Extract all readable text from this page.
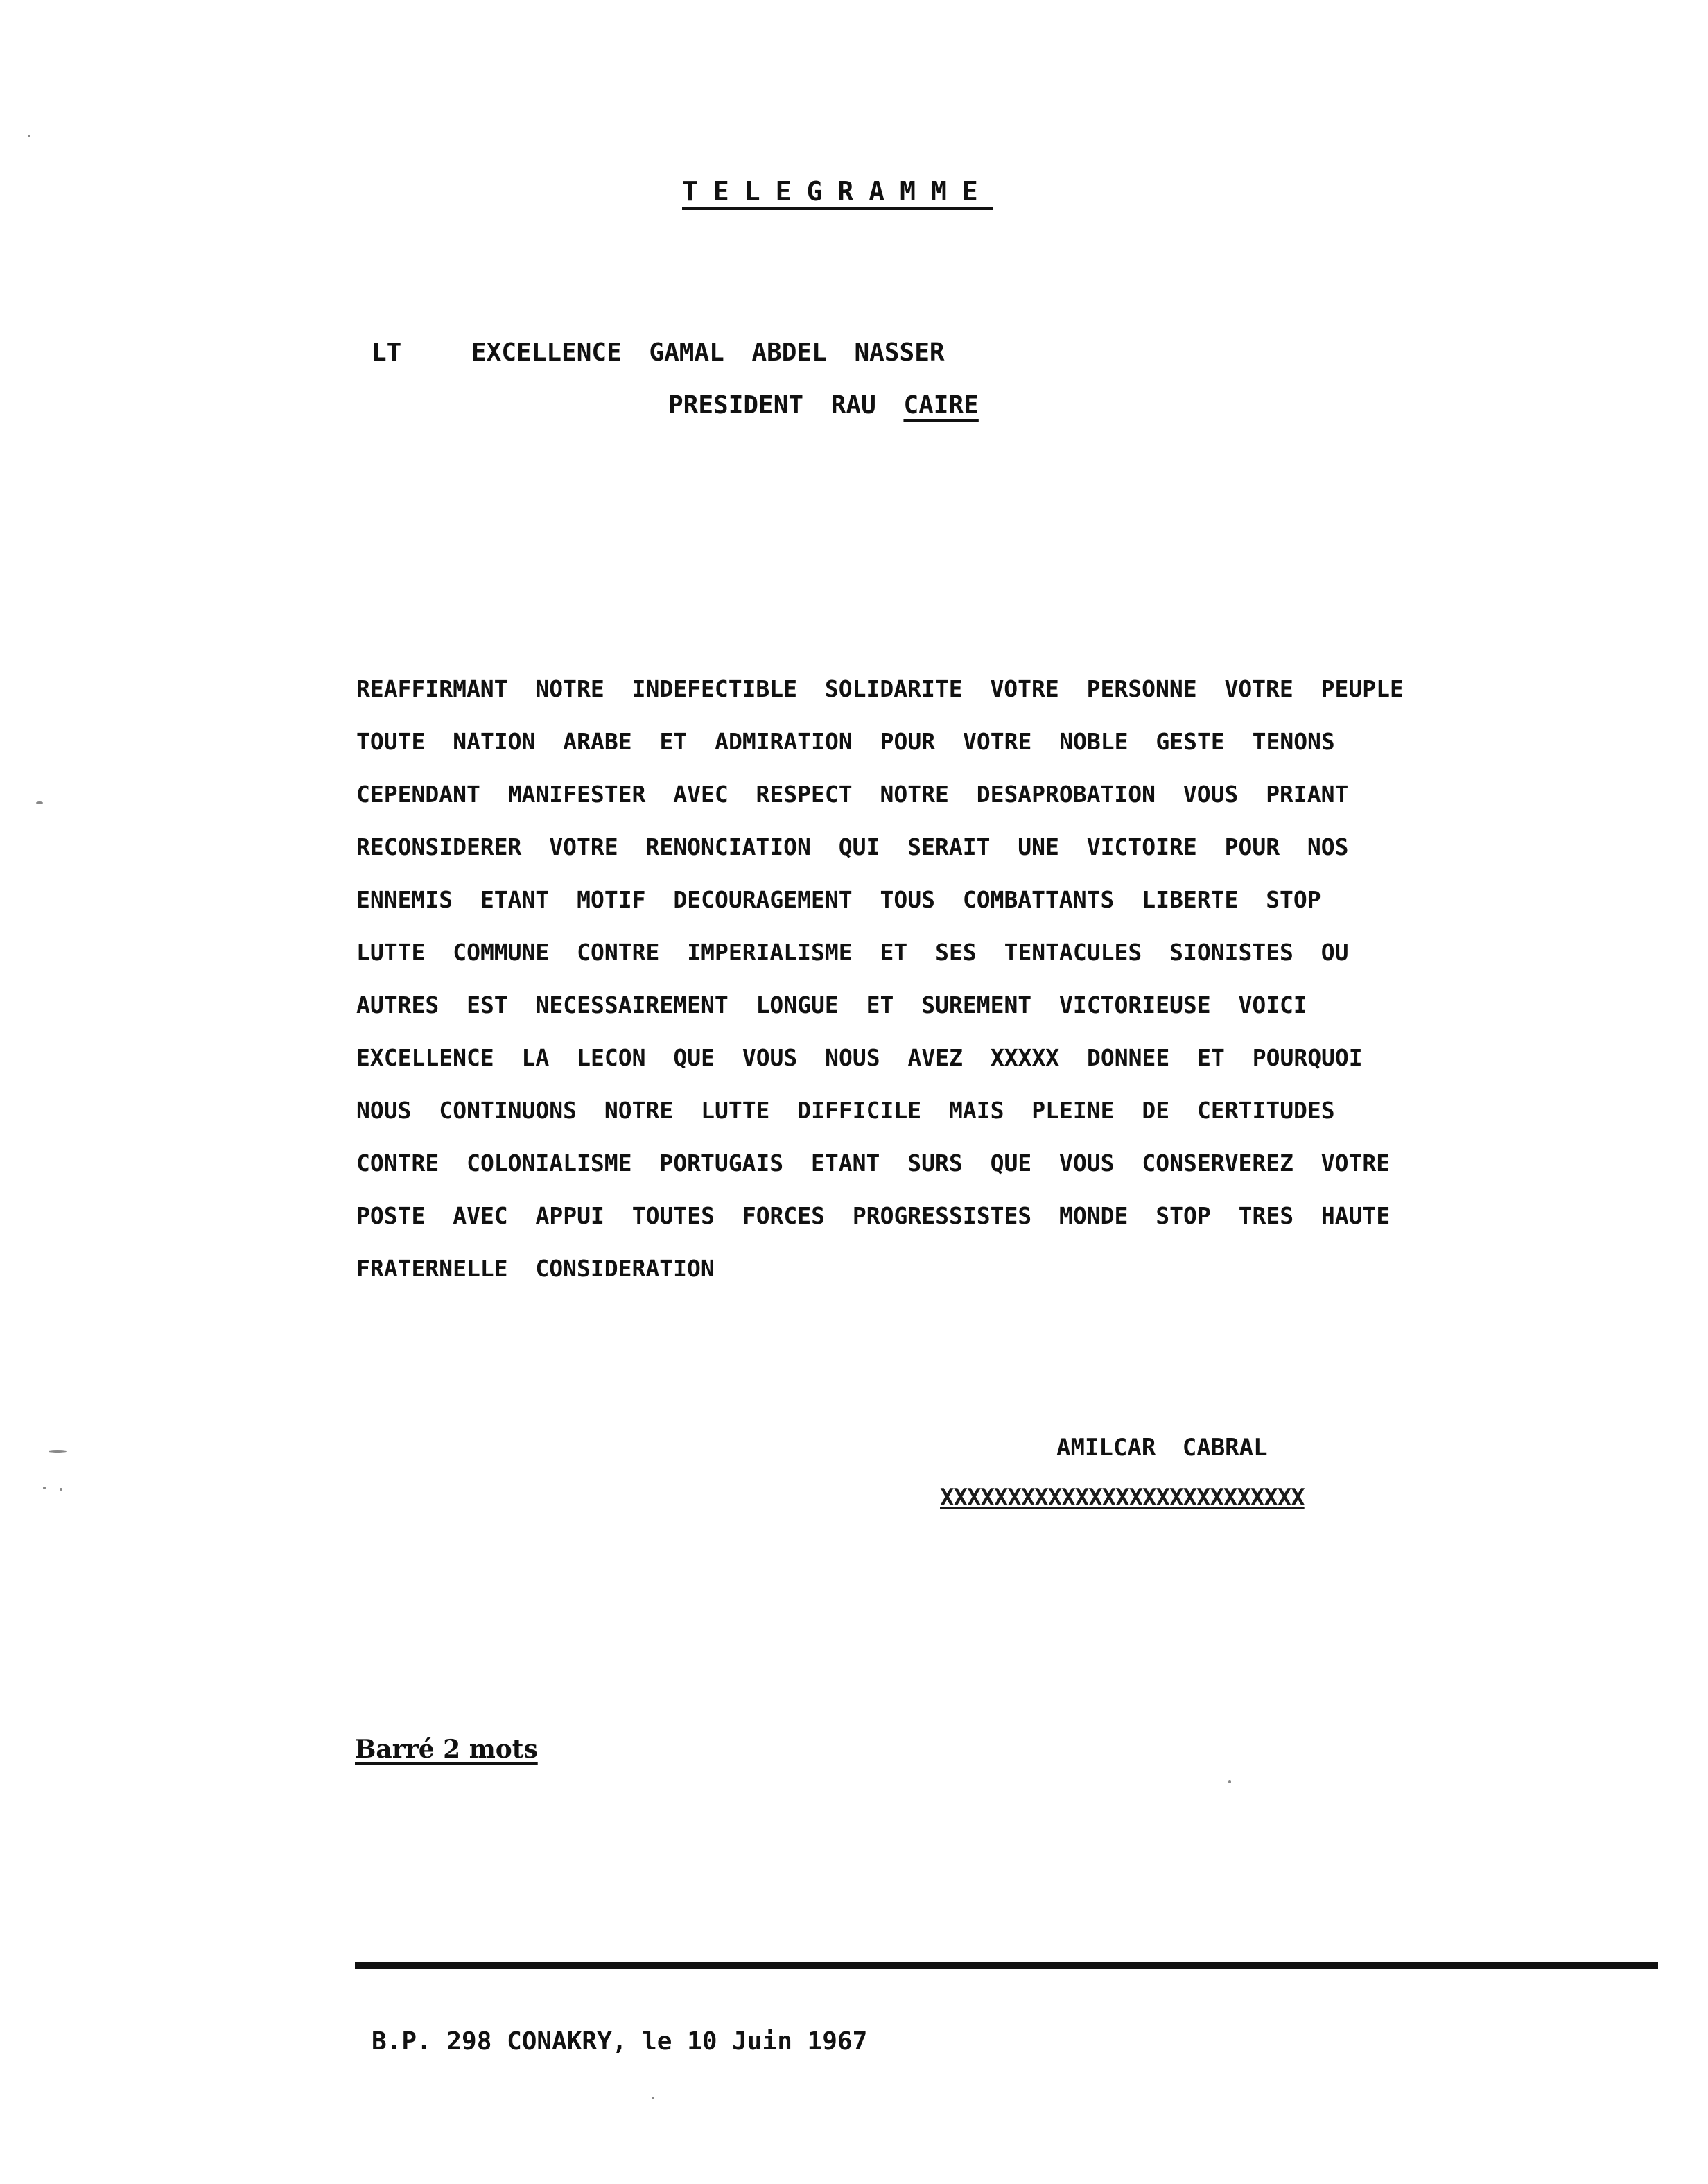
TELEGRAMME
LT	EXCELLENCE GAMAL ABDEL NASSER
PRESIDENT RAU CAIRE
REAFFIRMANT NOTRE INDEFECTIBLE SOLIDARITE VOTRE PERSONNE VOTRE PEUPLE
TOUTE NATION ARABE ET ADMIRATION POUR VOTRE NOBLE GESTE TENONS
CEPENDANT MANIFESTER AVEC RESPECT NOTRE DESAPROBATION VOUS PRIANT
RECONSIDERER VOTRE RENONCIATION QUI SERAIT UNE VICTOIRE POUR NOS
ENNEMIS ETANT MOTIF DECOURAGEMENT TOUS COMBATTANTS LIBERTE STOP
LUTTE COMMUNE CONTRE IMPERIALISME ET SES TENTACULES SIONISTES OU
AUTRES EST NECESSAIREMENT LONGUE ET SUREMENT VICTORIEUSE VOICI
EXCELLENCE LA LECON QUE VOUS NOUS AVEZ XXXXX DONNEE ET POURQUOI
NOUS CONTINUONS NOTRE LUTTE DIFFICILE MAIS PLEINE DE CERTITUDES
CONTRE COLONIALISME PORTUGAIS ETANT SURS QUE VOUS CONSERVEREZ VOTRE
POSTE AVEC APPUI TOUTES FORCES PROGRESSISTES MONDE STOP TRES HAUTE
FRATERNELLE CONSIDERATION
AMILCAR CABRAL
XXXXXXXXXXXXXXXXXXXXXXXXXXX
Barré 2 mots
B.P. 298 CONAKRY, le 10 Juin 1967
